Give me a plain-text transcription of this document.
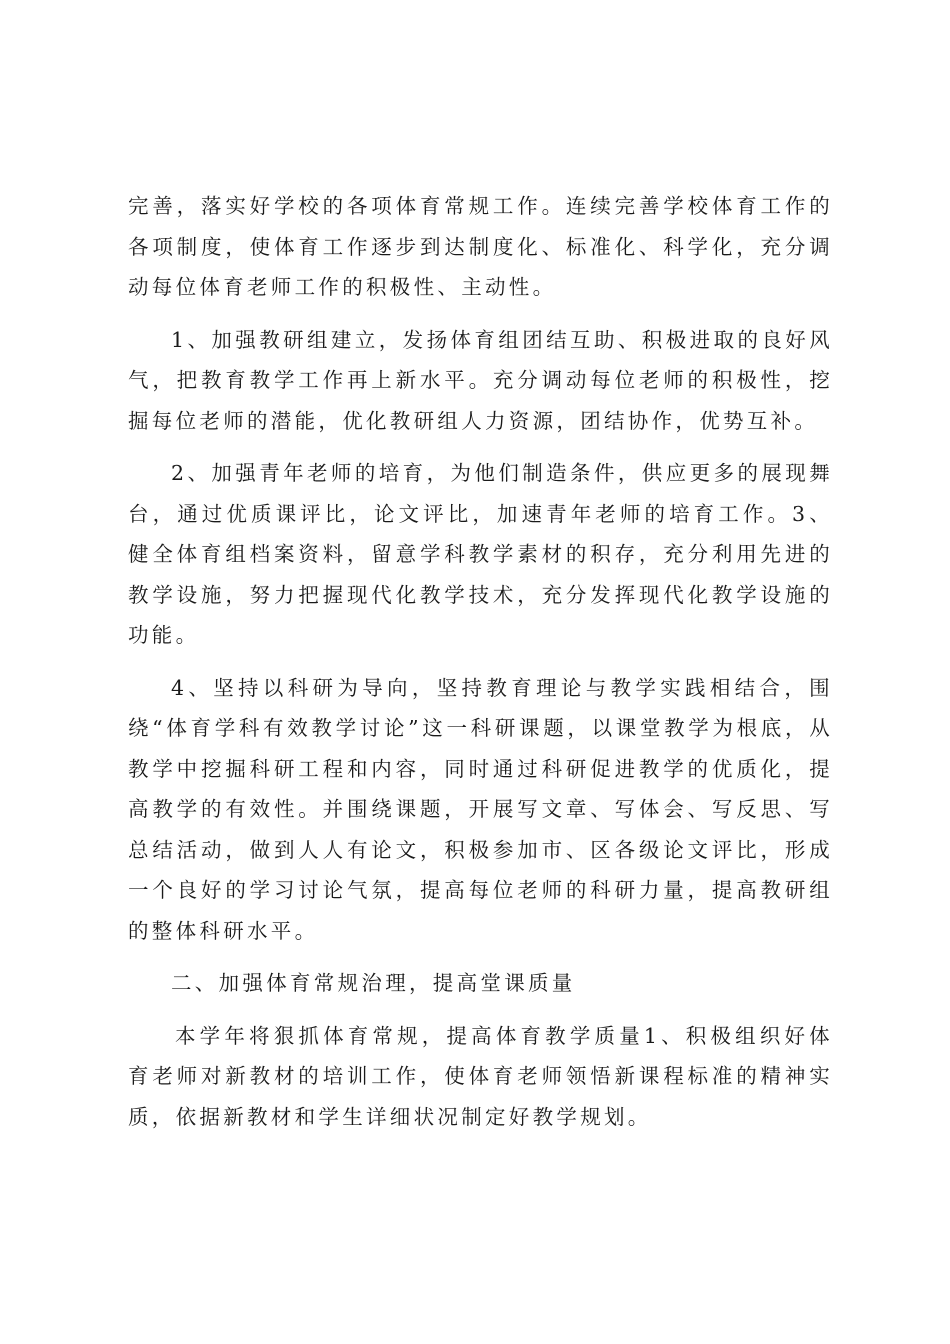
完善，落实好学校的各项体育常规工作。连续完善学校体育工作的各项制度，使体育工作逐步到达制度化、标准化、科学化，充分调动每位体育老师工作的积极性、主动性。

1、加强教研组建立，发扬体育组团结互助、积极进取的良好风气，把教育教学工作再上新水平。充分调动每位老师的积极性，挖掘每位老师的潜能，优化教研组人力资源，团结协作，优势互补。

2、加强青年老师的培育，为他们制造条件，供应更多的展现舞台，通过优质课评比，论文评比，加速青年老师的培育工作。3、健全体育组档案资料，留意学科教学素材的积存，充分利用先进的教学设施，努力把握现代化教学技术，充分发挥现代化教学设施的功能。

4、坚持以科研为导向，坚持教育理论与教学实践相结合，围绕“体育学科有效教学讨论”这一科研课题，以课堂教学为根底，从教学中挖掘科研工程和内容，同时通过科研促进教学的优质化，提高教学的有效性。并围绕课题，开展写文章、写体会、写反思、写总结活动，做到人人有论文，积极参加市、区各级论文评比，形成一个良好的学习讨论气氛，提高每位老师的科研力量，提高教研组的整体科研水平。

二、加强体育常规治理，提高堂课质量

本学年将狠抓体育常规，提高体育教学质量1、积极组织好体育老师对新教材的培训工作，使体育老师领悟新课程标准的精神实质，依据新教材和学生详细状况制定好教学规划。
